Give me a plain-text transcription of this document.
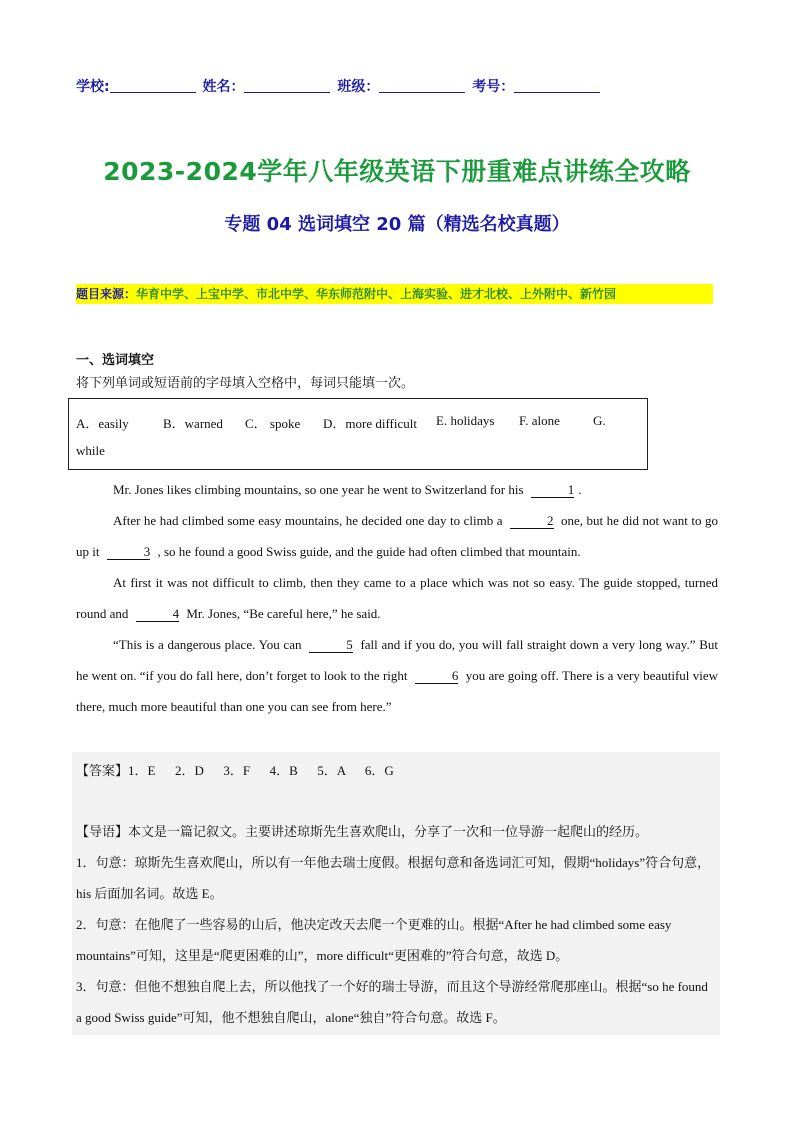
学校:	姓名：	班级：	考号：
2023-2024学年八年级英语下册重难点讲练全攻略
专题 04 选词填空 20 篇（精选名校真题）
题目来源：华育中学、上宝中学、市北中学、华东师范附中、上海实验、进才北校、上外附中、新竹园
一、选词填空
将下列单词或短语前的字母填入空格中，每词只能填一次。
A．easily	B．warned C． spoke D．more difficult E. holidays F. alone	G.
while

Mr. Jones likes climbing mountains, so one year he went to Switzerland for his	1 .

After he had climbed some easy mountains, he decided one day to climb a	2 one, but he did not want to go up it	3 , so he found a good Swiss guide, and the guide had often climbed that mountain.

At first it was not difficult to climb, then they came to a place which was not so easy. The guide stopped, turned round and	4 Mr. Jones, “Be careful here,” he said.

“This is a dangerous place. You can	5 fall and if you do, you will fall straight down a very long way.” But he went on. “if you do fall here, don’t forget to look to the right	6 you are going off. There is a very beautiful view there, much more beautiful than one you can see from here.”

【答案】1．E      2．D      3．F      4．B      5．A      6．G

【导语】本文是一篇记叙文。主要讲述琼斯先生喜欢爬山，分享了一次和一位导游一起爬山的经历。

1．句意：琼斯先生喜欢爬山，所以有一年他去瑞士度假。根据句意和备选词汇可知，假期“holidays”符合句意，his 后面加名词。故选 E。

2．句意：在他爬了一些容易的山后，他决定改天去爬一个更难的山。根据“After he had climbed some easy mountains”可知，这里是“爬更困难的山”，more difficult“更困难的”符合句意，故选 D。

3．句意：但他不想独自爬上去，所以他找了一个好的瑞士导游，而且这个导游经常爬那座山。根据“so he found a good Swiss guide”可知，他不想独自爬山，alone“独自”符合句意。故选 F。
